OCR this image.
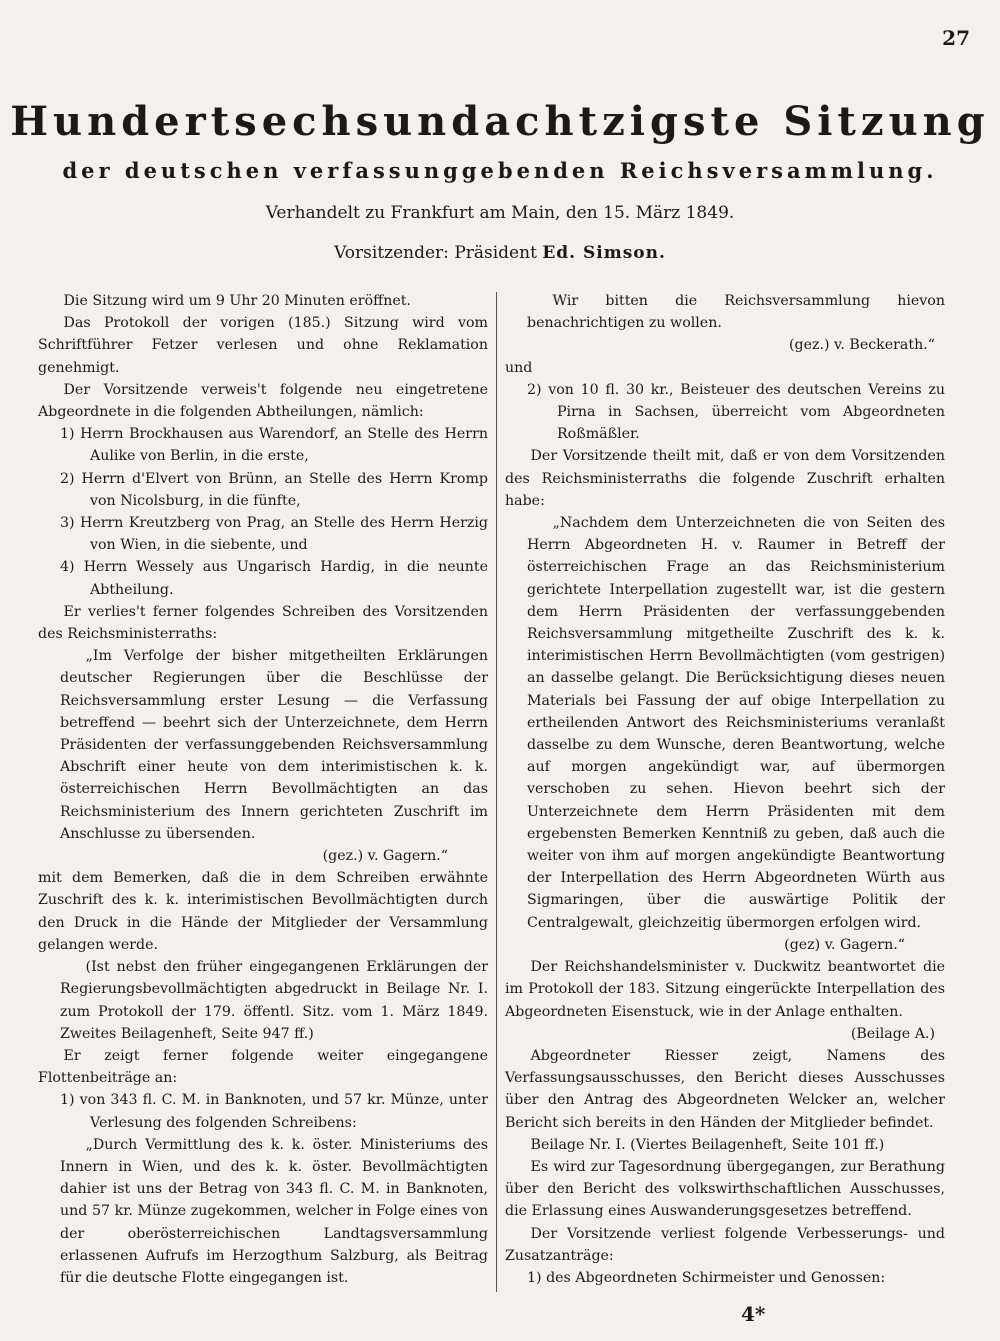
27
Hundertsechsundachtzigste Sitzung
der deutschen verfassunggebenden Reichsversammlung.
Verhandelt zu Frankfurt am Main, den 15. März 1849.
Vorsitzender: Präsident Ed. Simson.

Die Sitzung wird um 9 Uhr 20 Minuten eröffnet.

Das Protokoll der vorigen (185.) Sitzung wird vom Schriftführer Fetzer verlesen und ohne Reklamation genehmigt.

Der Vorsitzende verweis't folgende neu eingetretene Abgeordnete in die folgenden Abtheilungen, nämlich:

1) Herrn Brockhausen aus Warendorf, an Stelle des Herrn Aulike von Berlin, in die erste,

2) Herrn d'Elvert von Brünn, an Stelle des Herrn Kromp von Nicolsburg, in die fünfte,

3) Herrn Kreutzberg von Prag, an Stelle des Herrn Herzig von Wien, in die siebente, und

4) Herrn Wessely aus Ungarisch Hardig, in die neunte Abtheilung.

Er verlies't ferner folgendes Schreiben des Vorsitzenden des Reichsministerraths:

„Im Verfolge der bisher mitgetheilten Erklärungen deutscher Regierungen über die Beschlüsse der Reichsversammlung erster Lesung — die Verfassung betreffend — beehrt sich der Unterzeichnete, dem Herrn Präsidenten der verfassunggebenden Reichsversammlung Abschrift einer heute von dem interimistischen k. k. österreichischen Herrn Bevollmächtigten an das Reichsministerium des Innern gerichteten Zuschrift im Anschlusse zu übersenden.

(gez.) v. Gagern.“

mit dem Bemerken, daß die in dem Schreiben erwähnte Zuschrift des k. k. interimistischen Bevollmächtigten durch den Druck in die Hände der Mitglieder der Versammlung gelangen werde.

(Ist nebst den früher eingegangenen Erklärungen der Regierungsbevollmächtigten abgedruckt in Beilage Nr. I. zum Protokoll der 179. öffentl. Sitz. vom 1. März 1849. Zweites Beilagenheft, Seite 947 ff.)

Er zeigt ferner folgende weiter eingegangene Flottenbeiträge an:

1) von 343 fl. C. M. in Banknoten, und 57 kr. Münze, unter Verlesung des folgenden Schreibens:

„Durch Vermittlung des k. k. öster. Ministeriums des Innern in Wien, und des k. k. öster. Bevollmächtigten dahier ist uns der Betrag von 343 fl. C. M. in Banknoten, und 57 kr. Münze zugekommen, welcher in Folge eines von der oberösterreichischen Landtagsversammlung erlassenen Aufrufs im Herzogthum Salzburg, als Beitrag für die deutsche Flotte eingegangen ist.

Wir bitten die Reichsversammlung hievon benachrichtigen zu wollen.

(gez.) v. Beckerath.“

und

2) von 10 fl. 30 kr., Beisteuer des deutschen Vereins zu Pirna in Sachsen, überreicht vom Abgeordneten Roßmäßler.

Der Vorsitzende theilt mit, daß er von dem Vorsitzenden des Reichsministerraths die folgende Zuschrift erhalten habe:

„Nachdem dem Unterzeichneten die von Seiten des Herrn Abgeordneten H. v. Raumer in Betreff der österreichischen Frage an das Reichsministerium gerichtete Interpellation zugestellt war, ist die gestern dem Herrn Präsidenten der verfassunggebenden Reichsversammlung mitgetheilte Zuschrift des k. k. interimistischen Herrn Bevollmächtigten (vom gestrigen) an dasselbe gelangt. Die Berücksichtigung dieses neuen Materials bei Fassung der auf obige Interpellation zu ertheilenden Antwort des Reichsministeriums veranlaßt dasselbe zu dem Wunsche, deren Beantwortung, welche auf morgen angekündigt war, auf übermorgen verschoben zu sehen. Hievon beehrt sich der Unterzeichnete dem Herrn Präsidenten mit dem ergebensten Bemerken Kenntniß zu geben, daß auch die weiter von ihm auf morgen angekündigte Beantwortung der Interpellation des Herrn Abgeordneten Würth aus Sigmaringen, über die auswärtige Politik der Centralgewalt, gleichzeitig übermorgen erfolgen wird.

(gez) v. Gagern.“

Der Reichshandelsminister v. Duckwitz beantwortet die im Protokoll der 183. Sitzung eingerückte Interpellation des Abgeordneten Eisenstuck, wie in der Anlage enthalten.

(Beilage A.)

Abgeordneter Riesser zeigt, Namens des Verfassungsausschusses, den Bericht dieses Ausschusses über den Antrag des Abgeordneten Welcker an, welcher Bericht sich bereits in den Händen der Mitglieder befindet.

Beilage Nr. I. (Viertes Beilagenheft, Seite 101 ff.)

Es wird zur Tagesordnung übergegangen, zur Berathung über den Bericht des volkswirthschaftlichen Ausschusses, die Erlassung eines Auswanderungsgesetzes betreffend.

Der Vorsitzende verliest folgende Verbesserungs- und Zusatzanträge:

1) des Abgeordneten Schirmeister und Genossen:

4*
